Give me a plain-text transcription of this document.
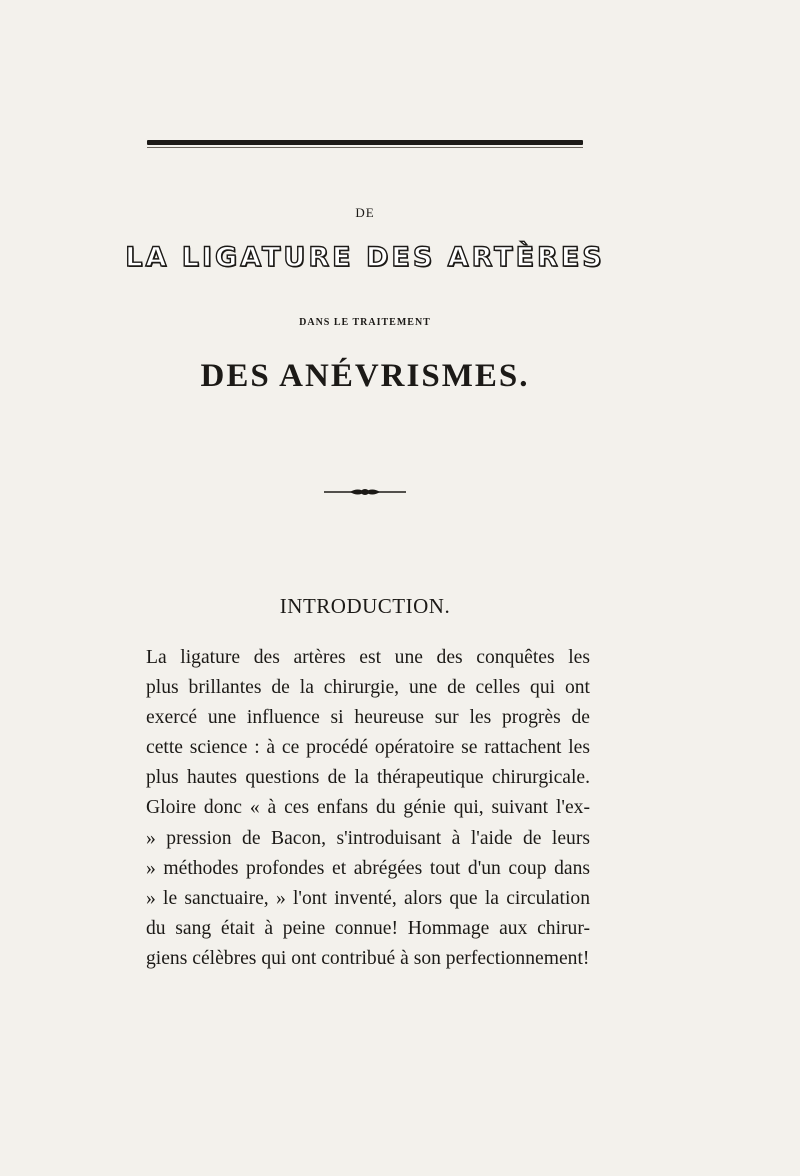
DE
LA LIGATURE DES ARTÈRES
DANS LE TRAITEMENT
DES ANÉVRISMES.
INTRODUCTION.
La ligature des artères est une des conquêtes les
plus brillantes de la chirurgie, une de celles qui ont
exercé une influence si heureuse sur les progrès de
cette science : à ce procédé opératoire se rattachent les
plus hautes questions de la thérapeutique chirurgicale.
Gloire donc « à ces enfans du génie qui, suivant l'ex-
» pression de Bacon, s'introduisant à l'aide de leurs
» méthodes profondes et abrégées tout d'un coup dans
» le sanctuaire, » l'ont inventé, alors que la circulation
du sang était à peine connue! Hommage aux chirur-
giens célèbres qui ont contribué à son perfectionnement!
